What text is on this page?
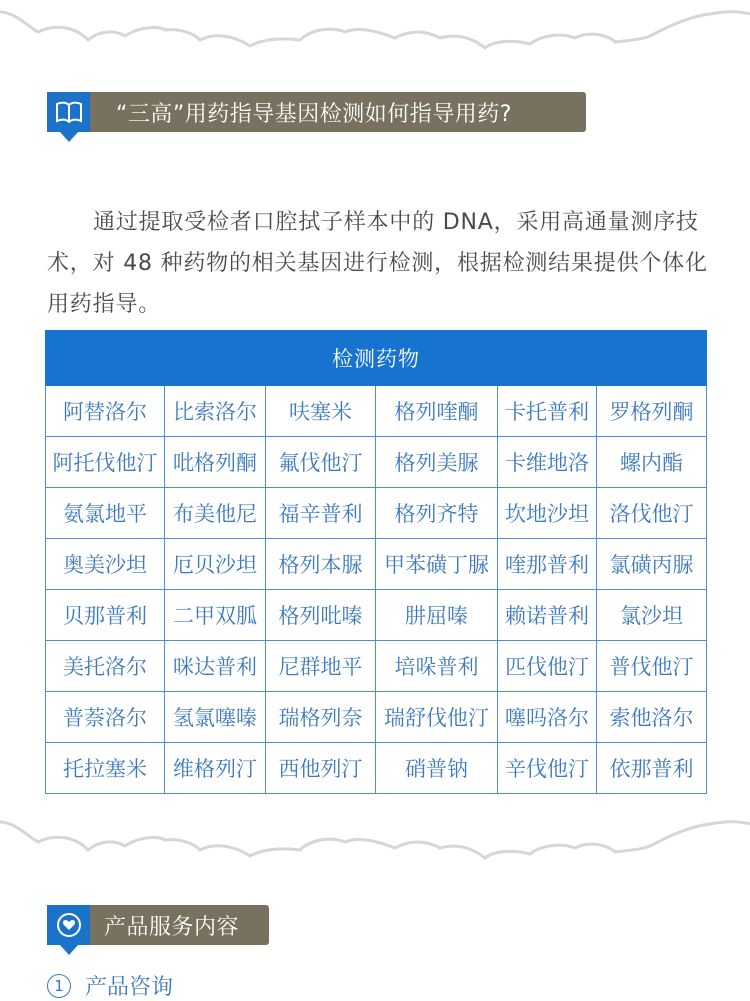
“三高”用药指导基因检测如何指导用药?

通过提取受检者口腔拭子样本中的 DNA，采用高通量测序技术，对 48 种药物的相关基因进行检测，根据检测结果提供个体化用药指导。

检测药物					
阿替洛尔	比索洛尔	呋塞米	格列喹酮	卡托普利	罗格列酮
阿托伐他汀	吡格列酮	氟伐他汀	格列美脲	卡维地洛	螺内酯
氨氯地平	布美他尼	福辛普利	格列齐特	坎地沙坦	洛伐他汀
奥美沙坦	厄贝沙坦	格列本脲	甲苯磺丁脲	喹那普利	氯磺丙脲
贝那普利	二甲双胍	格列吡嗪	肼屈嗪	赖诺普利	氯沙坦
美托洛尔	咪达普利	尼群地平	培哚普利	匹伐他汀	普伐他汀
普萘洛尔	氢氯噻嗪	瑞格列奈	瑞舒伐他汀	噻吗洛尔	索他洛尔
托拉塞米	维格列汀	西他列汀	硝普钠	辛伐他汀	依那普利
产品服务内容
1 产品咨询
